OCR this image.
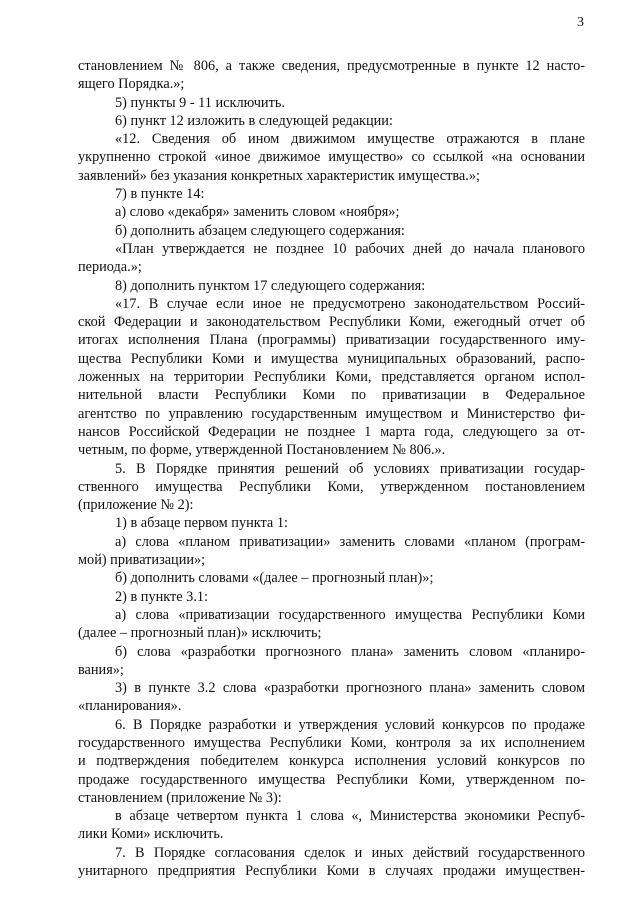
3
становлением № 806, а также сведения, предусмотренные в пункте 12 насто-
ящего Порядка.»;
5) пункты 9 - 11 исключить.
6) пункт 12 изложить в следующей редакции:
«12. Сведения об ином движимом имуществе отражаются в плане
укрупненно строкой «иное движимое имущество» со ссылкой «на основании
заявлений» без указания конкретных характеристик имущества.»;
7) в пункте 14:
а) слово «декабря» заменить словом «ноября»;
б) дополнить абзацем следующего содержания:
«План утверждается не позднее 10 рабочих дней до начала планового
периода.»;
8) дополнить пунктом 17 следующего содержания:
«17. В случае если иное не предусмотрено законодательством Россий-
ской Федерации и законодательством Республики Коми, ежегодный отчет об
итогах исполнения Плана (программы) приватизации государственного иму-
щества Республики Коми и имущества муниципальных образований, распо-
ложенных на территории Республики Коми, представляется органом испол-
нительной власти Республики Коми по приватизации в Федеральное
агентство по управлению государственным имуществом и Министерство фи-
нансов Российской Федерации не позднее 1 марта года, следующего за от-
четным, по форме, утвержденной Постановлением № 806.».
5. В Порядке принятия решений об условиях приватизации государ-
ственного имущества Республики Коми, утвержденном постановлением
(приложение № 2):
1) в абзаце первом пункта 1:
а) слова «планом приватизации» заменить словами «планом (програм-
мой) приватизации»;
б) дополнить словами «(далее – прогнозный план)»;
2) в пункте 3.1:
а) слова «приватизации государственного имущества Республики Коми
(далее – прогнозный план)» исключить;
б) слова «разработки прогнозного плана» заменить словом «планиро-
вания»;
3) в пункте 3.2 слова «разработки прогнозного плана» заменить словом
«планирования».
6. В Порядке разработки и утверждения условий конкурсов по продаже
государственного имущества Республики Коми, контроля за их исполнением
и подтверждения победителем конкурса исполнения условий конкурсов по
продаже государственного имущества Республики Коми, утвержденном по-
становлением (приложение № 3):
в абзаце четвертом пункта 1 слова «, Министерства экономики Респуб-
лики Коми» исключить.
7. В Порядке согласования сделок и иных действий государственного
унитарного предприятия Республики Коми в случаях продажи имуществен-
